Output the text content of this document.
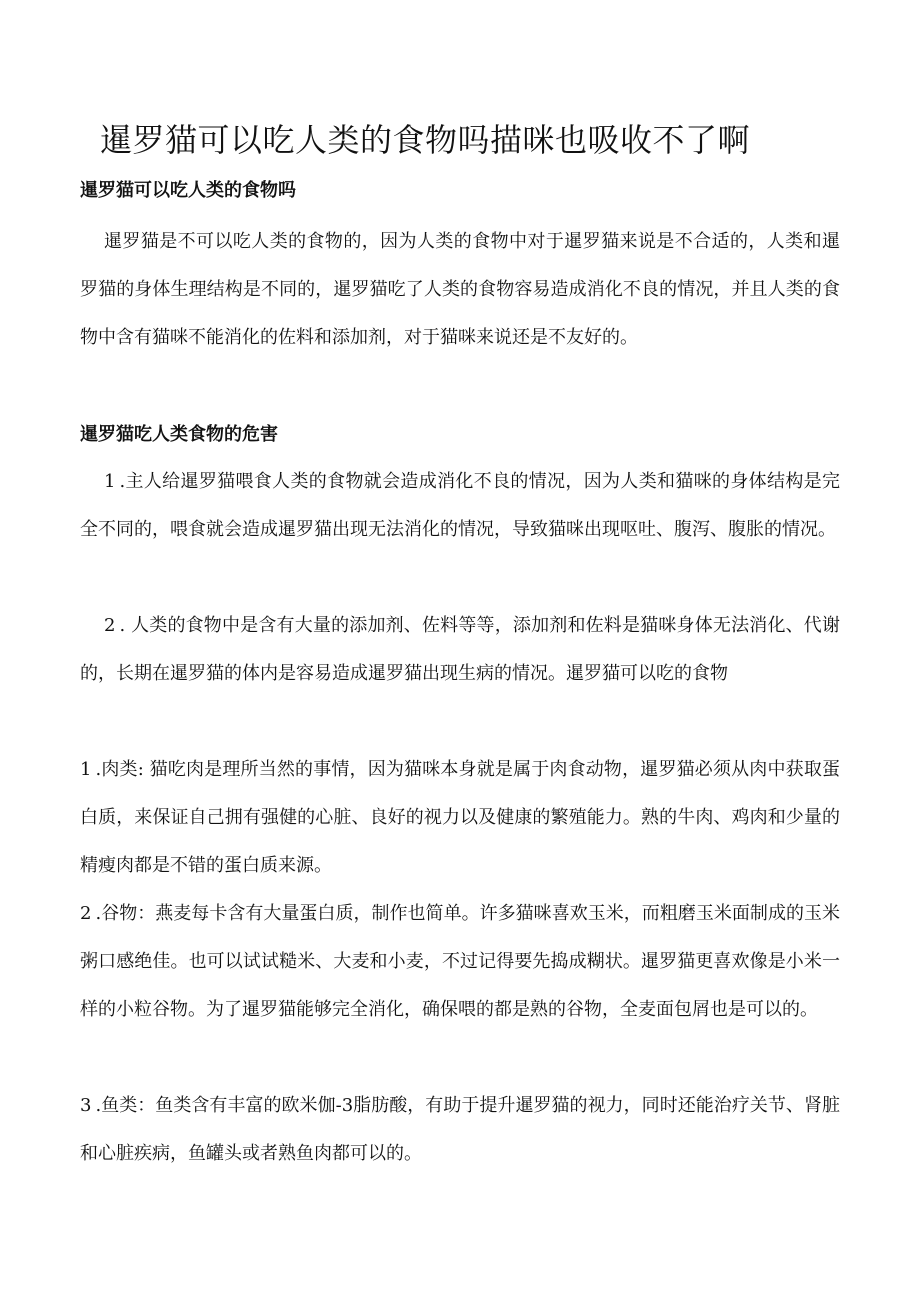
暹罗猫可以吃人类的食物吗描咪也吸收不了啊
暹罗猫可以吃人类的食物吗

暹罗猫是不可以吃人类的食物的，因为人类的食物中对于暹罗猫来说是不合适的，人类和暹罗猫的身体生理结构是不同的，暹罗猫吃了人类的食物容易造成消化不良的情况，并且人类的食物中含有猫咪不能消化的佐料和添加剂，对于猫咪来说还是不友好的。

暹罗猫吃人类食物的危害

1 .主人给暹罗猫喂食人类的食物就会造成消化不良的情况，因为人类和猫咪的身体结构是完全不同的，喂食就会造成暹罗猫出现无法消化的情况，导致猫咪出现呕吐、腹泻、腹胀的情况。

2 . 人类的食物中是含有大量的添加剂、佐料等等，添加剂和佐料是猫咪身体无法消化、代谢的，长期在暹罗猫的体内是容易造成暹罗猫出现生病的情况。暹罗猫可以吃的食物

1 .肉类: 猫吃肉是理所当然的事情，因为猫咪本身就是属于肉食动物，暹罗猫必须从肉中获取蛋白质，来保证自己拥有强健的心脏、良好的视力以及健康的繁殖能力。熟的牛肉、鸡肉和少量的精瘦肉都是不错的蛋白质来源。

2 .谷物：燕麦每卡含有大量蛋白质，制作也简单。许多猫咪喜欢玉米，而粗磨玉米面制成的玉米粥口感绝佳。也可以试试糙米、大麦和小麦，不过记得要先捣成糊状。暹罗猫更喜欢像是小米一样的小粒谷物。为了暹罗猫能够完全消化，确保喂的都是熟的谷物，全麦面包屑也是可以的。

3 .鱼类：鱼类含有丰富的欧米伽-3脂肪酸，有助于提升暹罗猫的视力，同时还能治疗关节、肾脏和心脏疾病，鱼罐头或者熟鱼肉都可以的。
